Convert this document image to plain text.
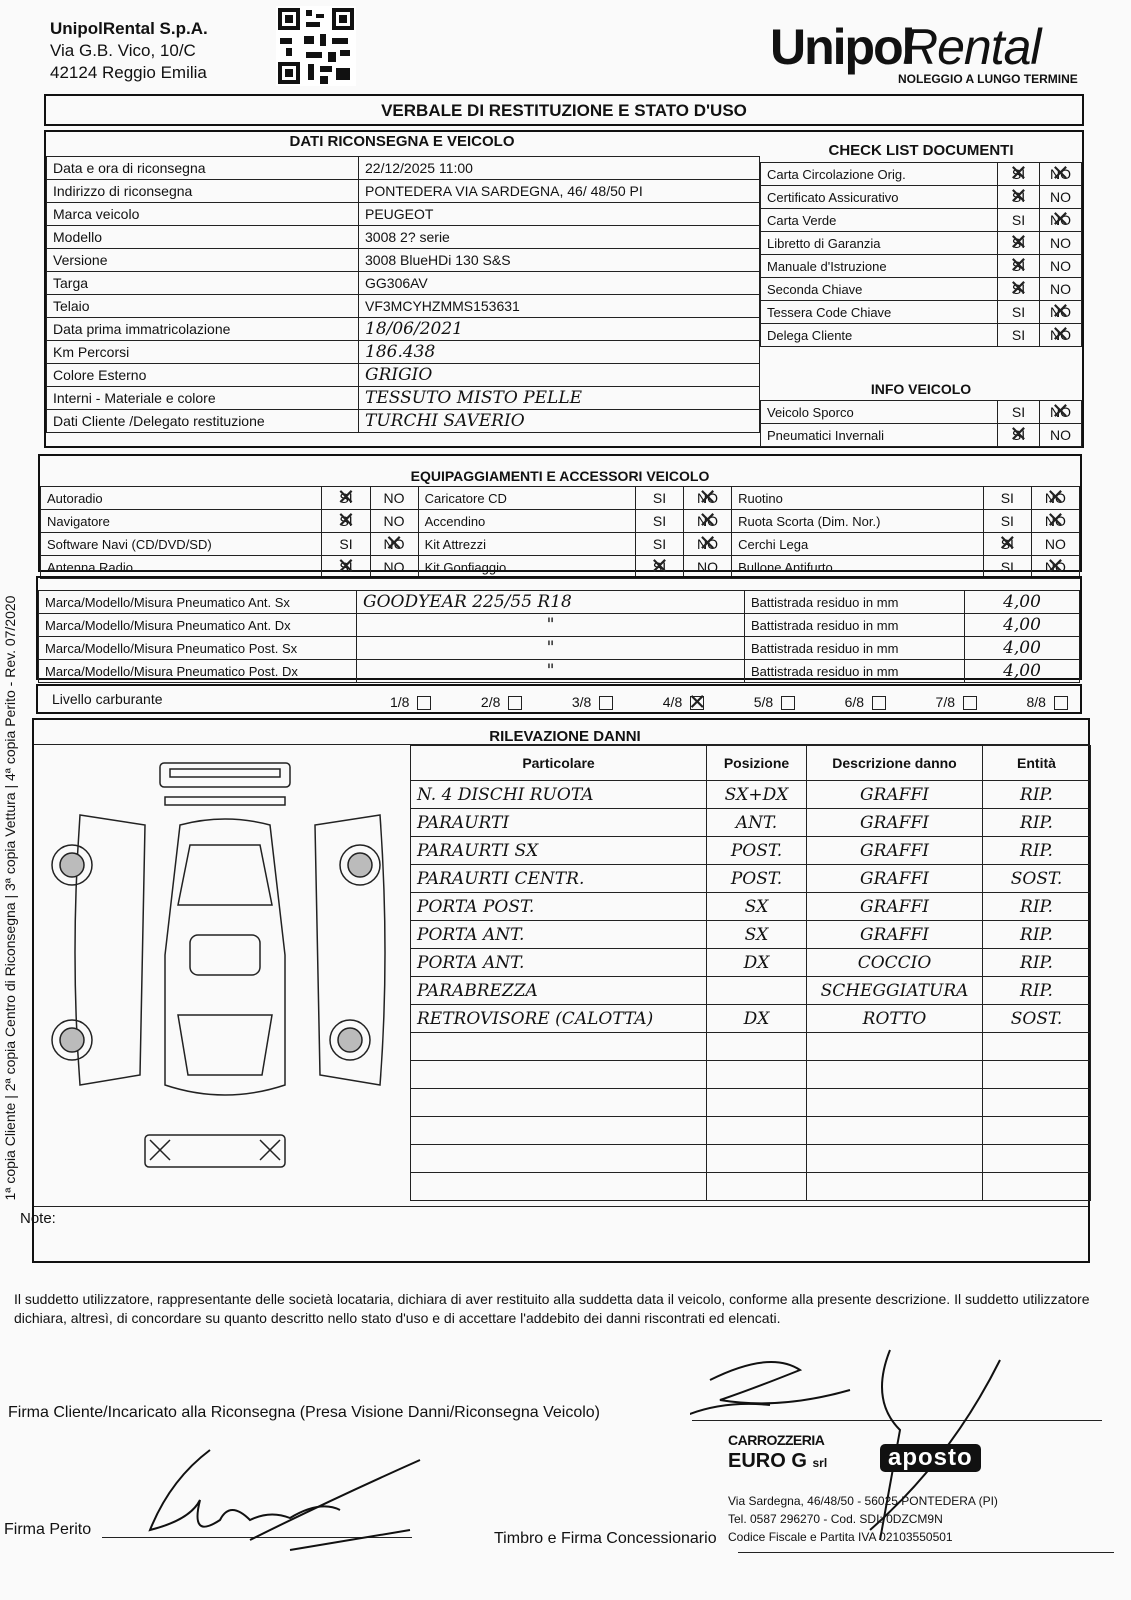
UnipolRental S.p.A.
Via G.B. Vico, 10/C
42124 Reggio Emilia	Unipol
Rental
NOLEGGIO A LUNGO TERMINE
1ª copia Cliente | 2ª copia Centro di Riconsegna | 3ª copia Vettura | 4ª copia Perito - Rev. 07/2020
VERBALE DI RESTITUZIONE E STATO D'USO
DATI RICONSEGNA E VEICOLO
CHECK LIST DOCUMENTI
Data e ora di riconsegna	22/12/2025 11:00
Indirizzo di riconsegna	PONTEDERA VIA SARDEGNA, 46/ 48/50 PI
Marca veicolo	PEUGEOT
Modello	3008 2? serie
Versione	3008 BlueHDi 130 S&S
Targa	GG306AV
Telaio	VF3MCYHZMMS153631
Data prima immatricolazione	18/06/2021
Km Percorsi	186.438
Colore Esterno	GRIGIO
Interni - Materiale e colore	TESSUTO MISTO PELLE
Dati Cliente /Delegato restituzione	TURCHI SAVERIO
Carta Circolazione Orig.	SI ✕	NO ✕
Certificato Assicurativo	SI ✕	NO
Carta Verde	SI	NO ✕
Libretto di Garanzia	SI ✕	NO
Manuale d'Istruzione	SI ✕	NO
Seconda Chiave	SI ✕	NO
Tessera Code Chiave	SI	NO ✕
Delega Cliente	SI	NO ✕
INFO VEICOLO
Veicolo Sporco	SI	NO ✕
Pneumatici Invernali	SI ✕	NO
EQUIPAGGIAMENTI E ACCESSORI VEICOLO
Autoradio	SI ✕	NO	Caricatore CD	SI	NO ✕	Ruotino	SI	NO ✕
Navigatore	SI ✕	NO	Accendino	SI	NO ✕	Ruota Scorta (Dim. Nor.)	SI	NO ✕
Software Navi (CD/DVD/SD)	SI	NO ✕	Kit Attrezzi	SI	NO ✕	Cerchi Lega	SI ✕	NO
Antenna Radio	SI ✕	NO	Kit Gonfiaggio	SI ✕	NO	Bullone Antifurto	SI	NO ✕
Marca/Modello/Misura Pneumatico Ant. Sx	GOODYEAR 225/55 R18	Battistrada residuo in mm	4,00
Marca/Modello/Misura Pneumatico Ant. Dx	"	Battistrada residuo in mm	4,00
Marca/Modello/Misura Pneumatico Post. Sx	"	Battistrada residuo in mm	4,00
Marca/Modello/Misura Pneumatico Post. Dx	"	Battistrada residuo in mm	4,00
Livello carburante	1/8	2/8	3/8	4/8 ✕	5/8	6/8	7/8	8/8
RILEVAZIONE DANNI
Particolare	Posizione	Descrizione danno	Entità
N. 4 DISCHI RUOTA	SX+DX	GRAFFI	RIP.
PARAURTI	ANT.	GRAFFI	RIP.
PARAURTI SX	POST.	GRAFFI	RIP.
PARAURTI CENTR.	POST.	GRAFFI	SOST.
PORTA POST.	SX	GRAFFI	RIP.
PORTA ANT.	SX	GRAFFI	RIP.
PORTA ANT.	DX	COCCIO	RIP.
PARABREZZA		SCHEGGIATURA	RIP.
RETROVISORE (CALOTTA)	DX	ROTTO	SOST.

Note:
Il suddetto utilizzatore, rappresentante delle società locataria, dichiara di aver restituito alla suddetta data il veicolo, conforme alla presente descrizione. Il suddetto utilizzatore dichiara, altresì, di concordare su quanto descritto nello stato d'uso e di accettare l'addebito dei danni riscontrati ed elencati.
Firma Cliente/Incaricato alla Riconsegna (Presa Visione Danni/Riconsegna Veicolo)
Firma Perito
Timbro e Firma Concessionario
CARROZZERIA
EURO G srl	aposto
Via Sardegna, 46/48/50 - 56025 PONTEDERA (PI)
Tel. 0587 296270 - Cod. SDI: 0DZCM9N
Codice Fiscale e Partita IVA 02103550501
